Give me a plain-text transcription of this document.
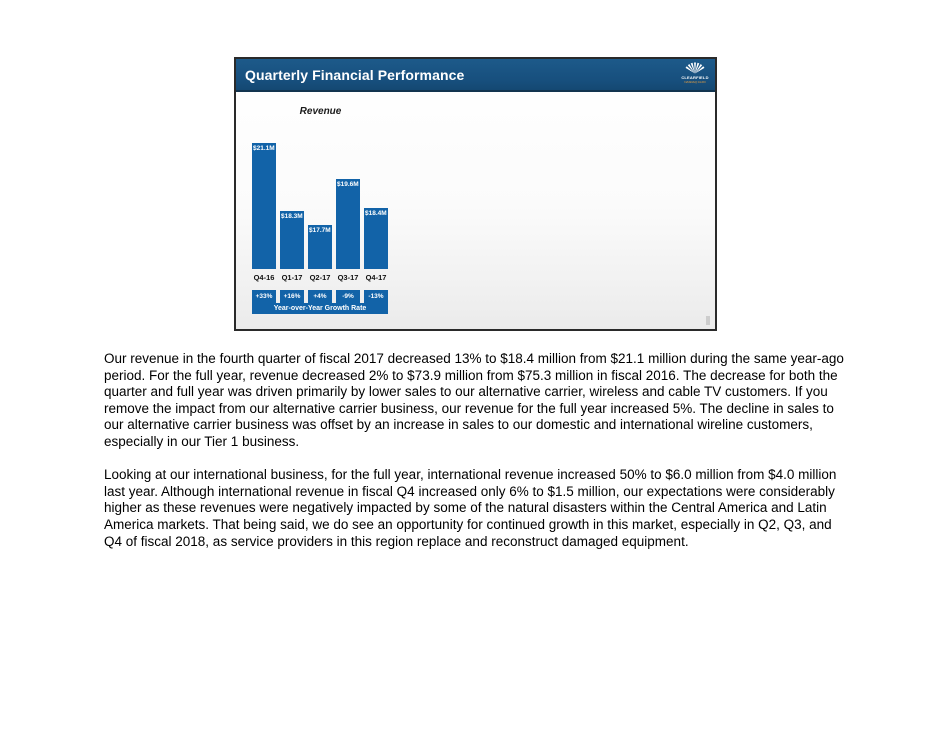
Quarterly Financial Performance	CLEARFIELD
NASDAQ:CLFD
Revenue
$21.1M
$18.3M
$17.7M
$19.6M
$18.4M
Q4-16 Q1-17 Q2-17 Q3-17 Q4-17
+33%	+16%	+4%	-9%	-13%
Year-over-Year Growth Rate

Our revenue in the fourth quarter of fiscal 2017 decreased 13% to $18.4 million from $21.1 million during the same year-ago period. For the full year, revenue decreased 2% to $73.9 million from $75.3 million in fiscal 2016. The decrease for both the quarter and full year was driven primarily by lower sales to our alternative carrier, wireless and cable TV customers. If you remove the impact from our alternative carrier business, our revenue for the full year increased 5%. The decline in sales to our alternative carrier business was offset by an increase in sales to our domestic and international wireline customers, especially in our Tier 1 business.

Looking at our international business, for the full year, international revenue increased 50% to $6.0 million from $4.0 million last year. Although international revenue in fiscal Q4 increased only 6% to $1.5 million, our expectations were considerably higher as these revenues were negatively impacted by some of the natural disasters within the Central America and Latin America markets. That being said, we do see an opportunity for continued growth in this market, especially in Q2, Q3, and Q4 of fiscal 2018, as service providers in this region replace and reconstruct damaged equipment.
